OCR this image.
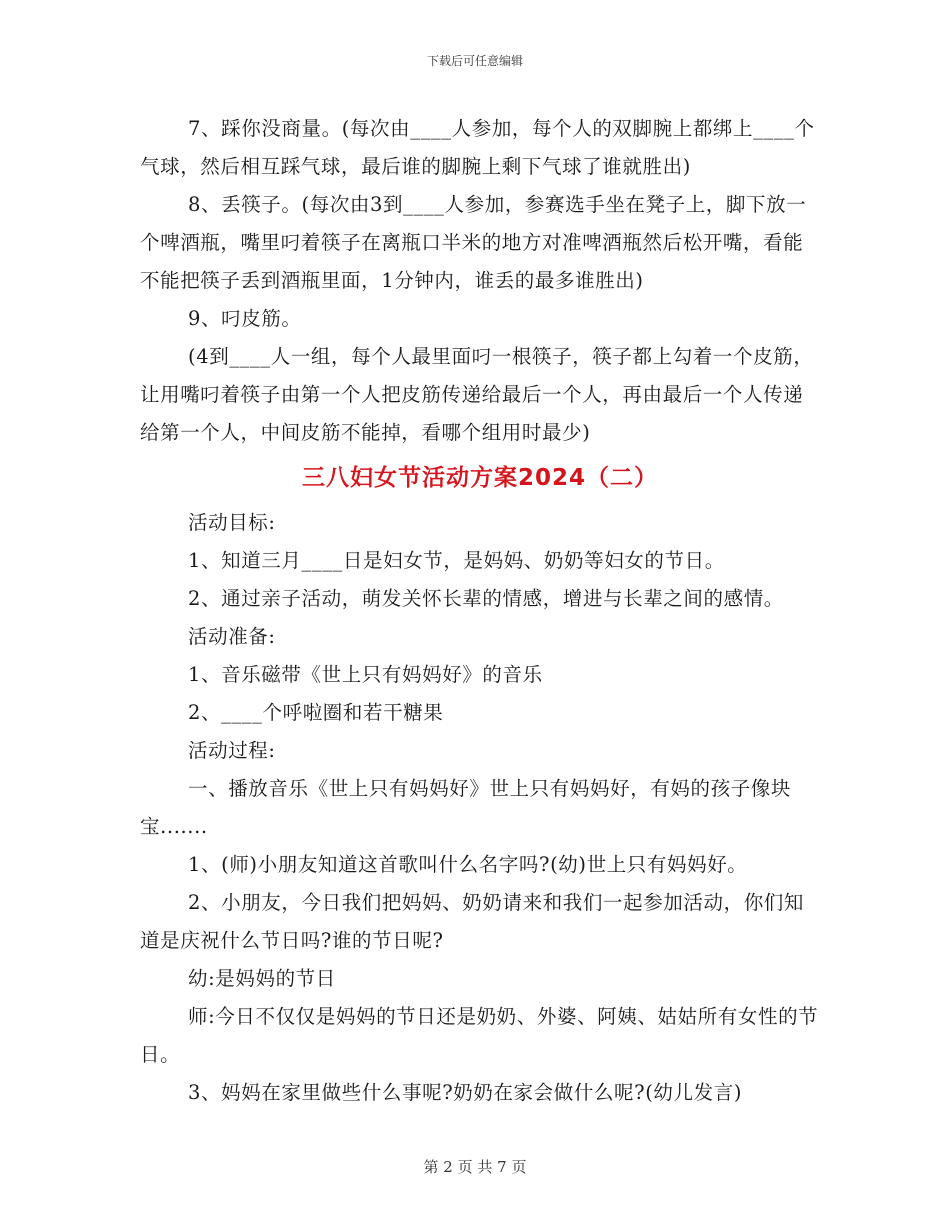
下载后可任意编辑

7、踩你没商量。(每次由____人参加，每个人的双脚腕上都绑上____个气球，然后相互踩气球，最后谁的脚腕上剩下气球了谁就胜出)

8、丢筷子。(每次由3到____人参加，参赛选手坐在凳子上，脚下放一个啤酒瓶，嘴里叼着筷子在离瓶口半米的地方对准啤酒瓶然后松开嘴，看能不能把筷子丢到酒瓶里面，1分钟内，谁丢的最多谁胜出)

9、叼皮筋。

(4到____人一组，每个人最里面叼一根筷子，筷子都上勾着一个皮筋，让用嘴叼着筷子由第一个人把皮筋传递给最后一个人，再由最后一个人传递给第一个人，中间皮筋不能掉，看哪个组用时最少)

三八妇女节活动方案2024（二）

活动目标:

1、知道三月____日是妇女节，是妈妈、奶奶等妇女的节日。

2、通过亲子活动，萌发关怀长辈的情感，增进与长辈之间的感情。

活动准备:

1、音乐磁带《世上只有妈妈好》的音乐

2、____个呼啦圈和若干糖果

活动过程:

一、播放音乐《世上只有妈妈好》世上只有妈妈好，有妈的孩子像块宝.......

1、(师)小朋友知道这首歌叫什么名字吗?(幼)世上只有妈妈好。

2、小朋友，今日我们把妈妈、奶奶请来和我们一起参加活动，你们知道是庆祝什么节日吗?谁的节日呢?

幼:是妈妈的节日

师:今日不仅仅是妈妈的节日还是奶奶、外婆、阿姨、姑姑所有女性的节日。

3、妈妈在家里做些什么事呢?奶奶在家会做什么呢?(幼儿发言)

第 2 页 共 7 页
